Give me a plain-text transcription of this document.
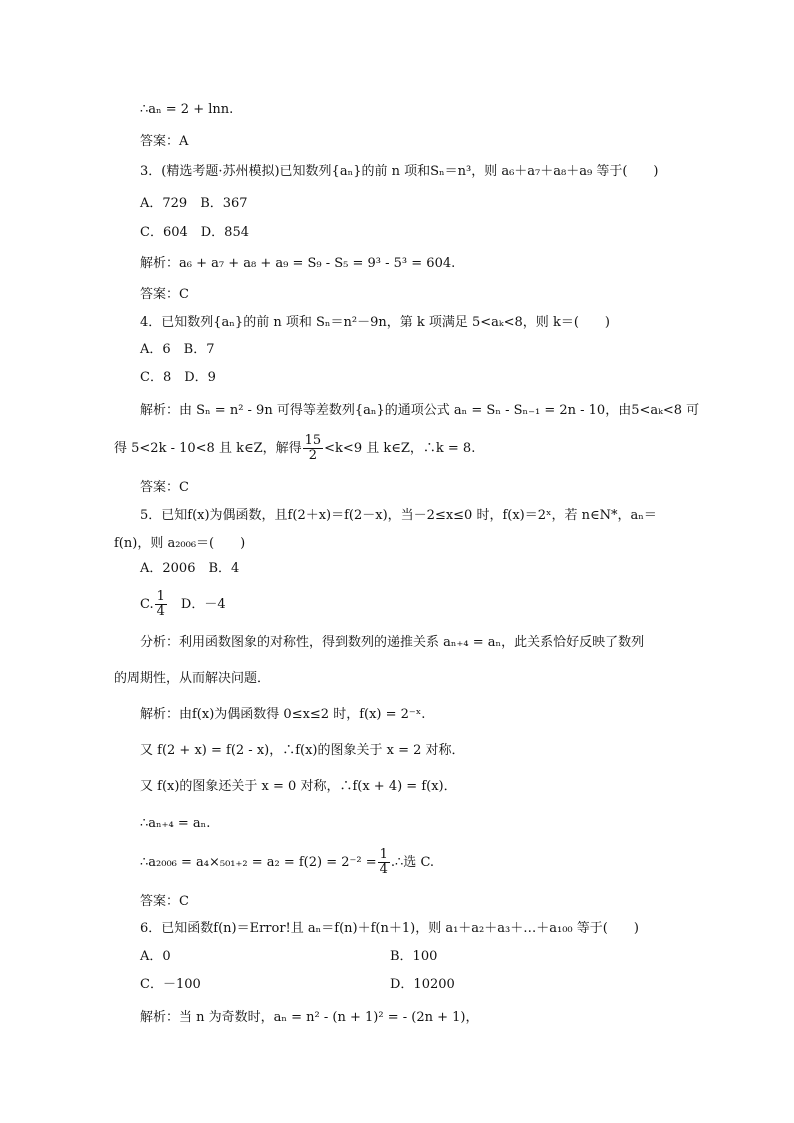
∴aₙ = 2 + lnn.
答案：A
3．(精选考题·苏州模拟)已知数列{aₙ}的前 n 项和Sₙ＝n³，则 a₆＋a₇＋a₈＋a₉ 等于(　　)
A．729　B．367
C．604　D．854
解析：a₆ + a₇ + a₈ + a₉ = S₉ - S₅ = 9³ - 5³ = 604.
答案：C
4．已知数列{aₙ}的前 n 项和 Sₙ＝n²－9n，第 k 项满足 5<aₖ<8，则 k＝(　　)
A．6　B．7
C．8　D．9
解析：由 Sₙ = n² - 9n 可得等差数列{aₙ}的通项公式 aₙ = Sₙ - Sₙ₋₁ = 2n - 10，由5<aₖ<8 可
得 5<2k - 10<8 且 k∈Z，解得 $\frac{15}{2} <k<9$ 且 k∈Z，∴k = 8.
答案：C
5．已知f(x)为偶函数，且f(2＋x)＝f(2－x)，当－2≤x≤0 时，f(x)＝2ˣ，若 n∈N*，aₙ＝
f(n)，则 a₂₀₀₆＝(　　)
A．2006　B．4
C. $\frac{1}{4}$ 　D．－4
分析：利用函数图象的对称性，得到数列的递推关系 aₙ₊₄ = aₙ，此关系恰好反映了数列
的周期性，从而解决问题．
解析：由f(x)为偶函数得 0≤x≤2 时，f(x) = 2⁻ˣ.
又 f(2 + x) = f(2 - x)，∴f(x)的图象关于 x = 2 对称．
又 f(x)的图象还关于 x = 0 对称，∴f(x + 4) = f(x)．
∴aₙ₊₄ = aₙ.
∴a₂₀₀₆ = $a_4\times_{501+2} = a_2 = f(2) = 2^{-2} = \frac{1}{4}$ .∴选 C.
答案：C
6．已知函数f(n)＝Error!且 aₙ＝f(n)＋f(n＋1)，则 a₁＋a₂＋a₃＋…＋a₁₀₀ 等于(　　)
A．0	B．100
C．－100	D．10200
解析：当 n 为奇数时，aₙ = n² - (n + 1)² = - (2n + 1)，
